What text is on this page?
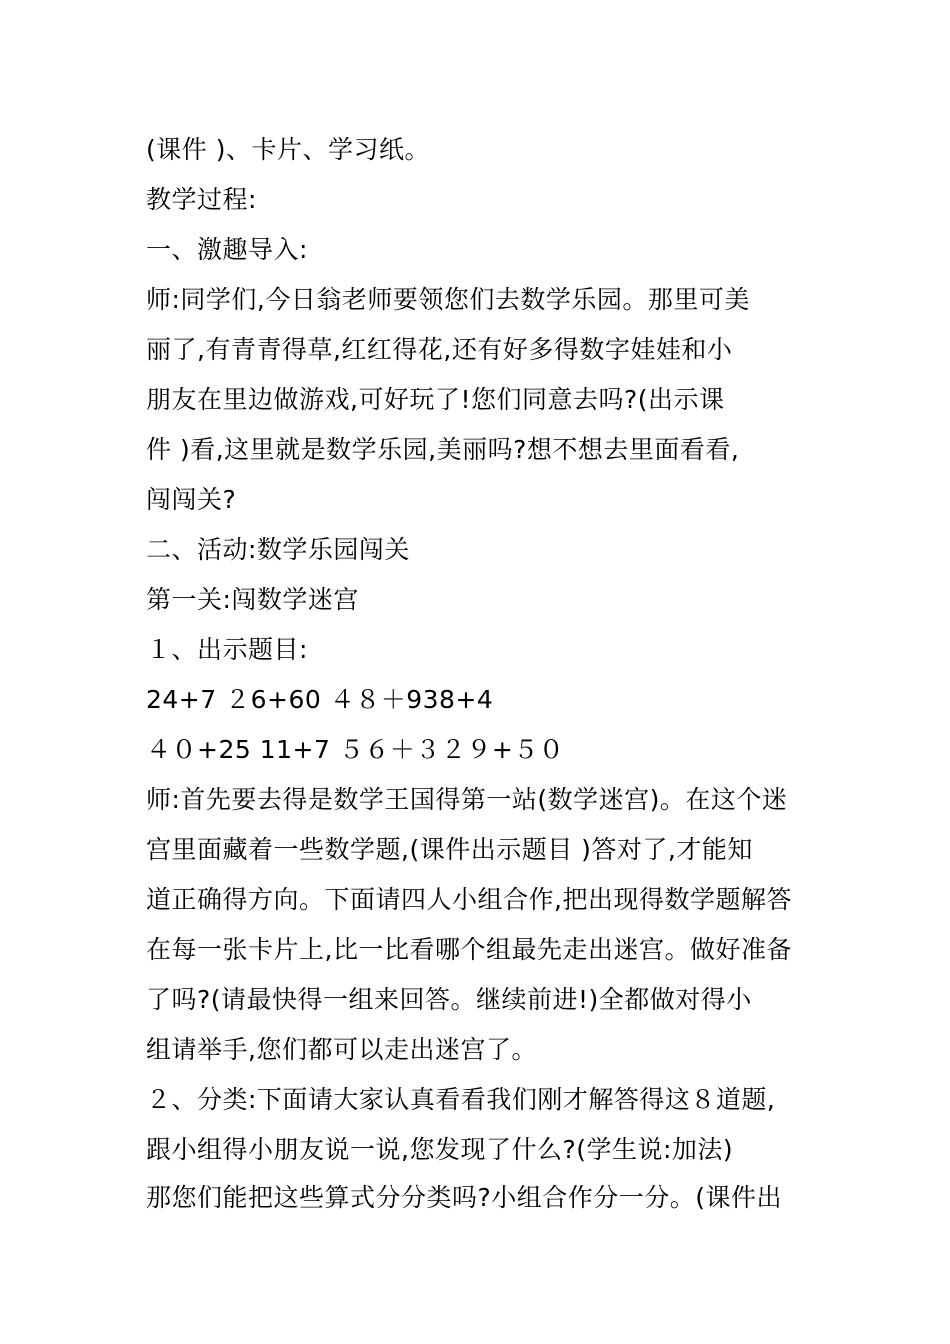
(课件 )、卡片、学习纸。
教学过程:
一、激趣导入:
师:同学们,今日翁老师要领您们去数学乐园。那里可美
丽了,有青青得草,红红得花,还有好多得数字娃娃和小
朋友在里边做游戏,可好玩了!您们同意去吗?(出示课
件 )看,这里就是数学乐园,美丽吗?想不想去里面看看,
闯闯关?
二、活动:数学乐园闯关
第一关:闯数学迷宫
１、出示题目:
24+7 ２6+60 ４８＋938+4
４０+25 11+7 ５６＋３２９+５０
师:首先要去得是数学王国得第一站(数学迷宫)。在这个迷
宫里面藏着一些数学题,(课件出示题目 )答对了,才能知
道正确得方向。下面请四人小组合作,把出现得数学题解答
在每一张卡片上,比一比看哪个组最先走出迷宫。做好准备
了吗?(请最快得一组来回答。继续前进!)全都做对得小
组请举手,您们都可以走出迷宫了。
２、分类:下面请大家认真看看我们刚才解答得这８道题,
跟小组得小朋友说一说,您发现了什么?(学生说:加法)
那您们能把这些算式分分类吗?小组合作分一分。(课件出
